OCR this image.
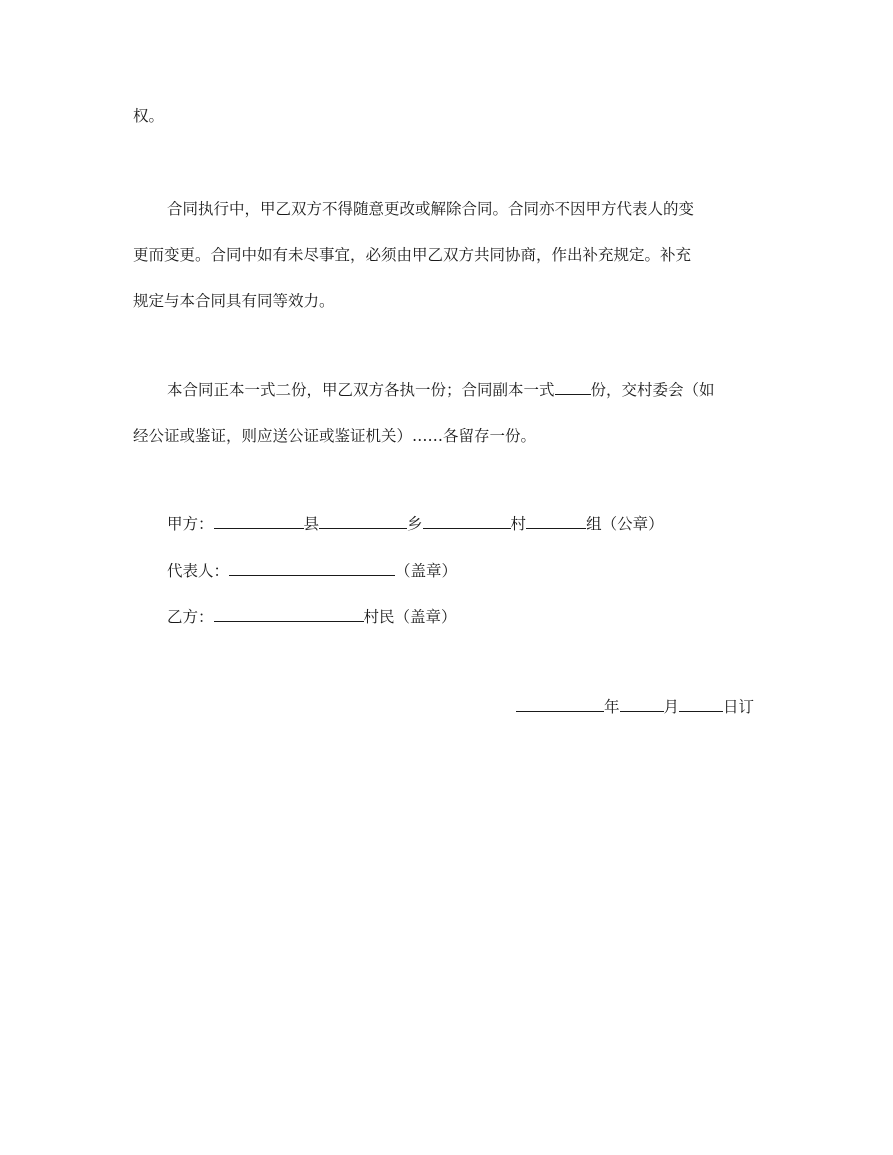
权。
合同执行中，甲乙双方不得随意更改或解除合同。合同亦不因甲方代表人的变
更而变更。合同中如有未尽事宜，必须由甲乙双方共同协商，作出补充规定。补充
规定与本合同具有同等效力。
本合同正本一式二份，甲乙双方各执一份；合同副本一式 份，交村委会（如
经公证或鉴证，则应送公证或鉴证机关）……各留存一份。
甲方：	县	乡	村	组（公章）
代表人：	（盖章）
乙方：	村民（盖章）
年	月	日订
